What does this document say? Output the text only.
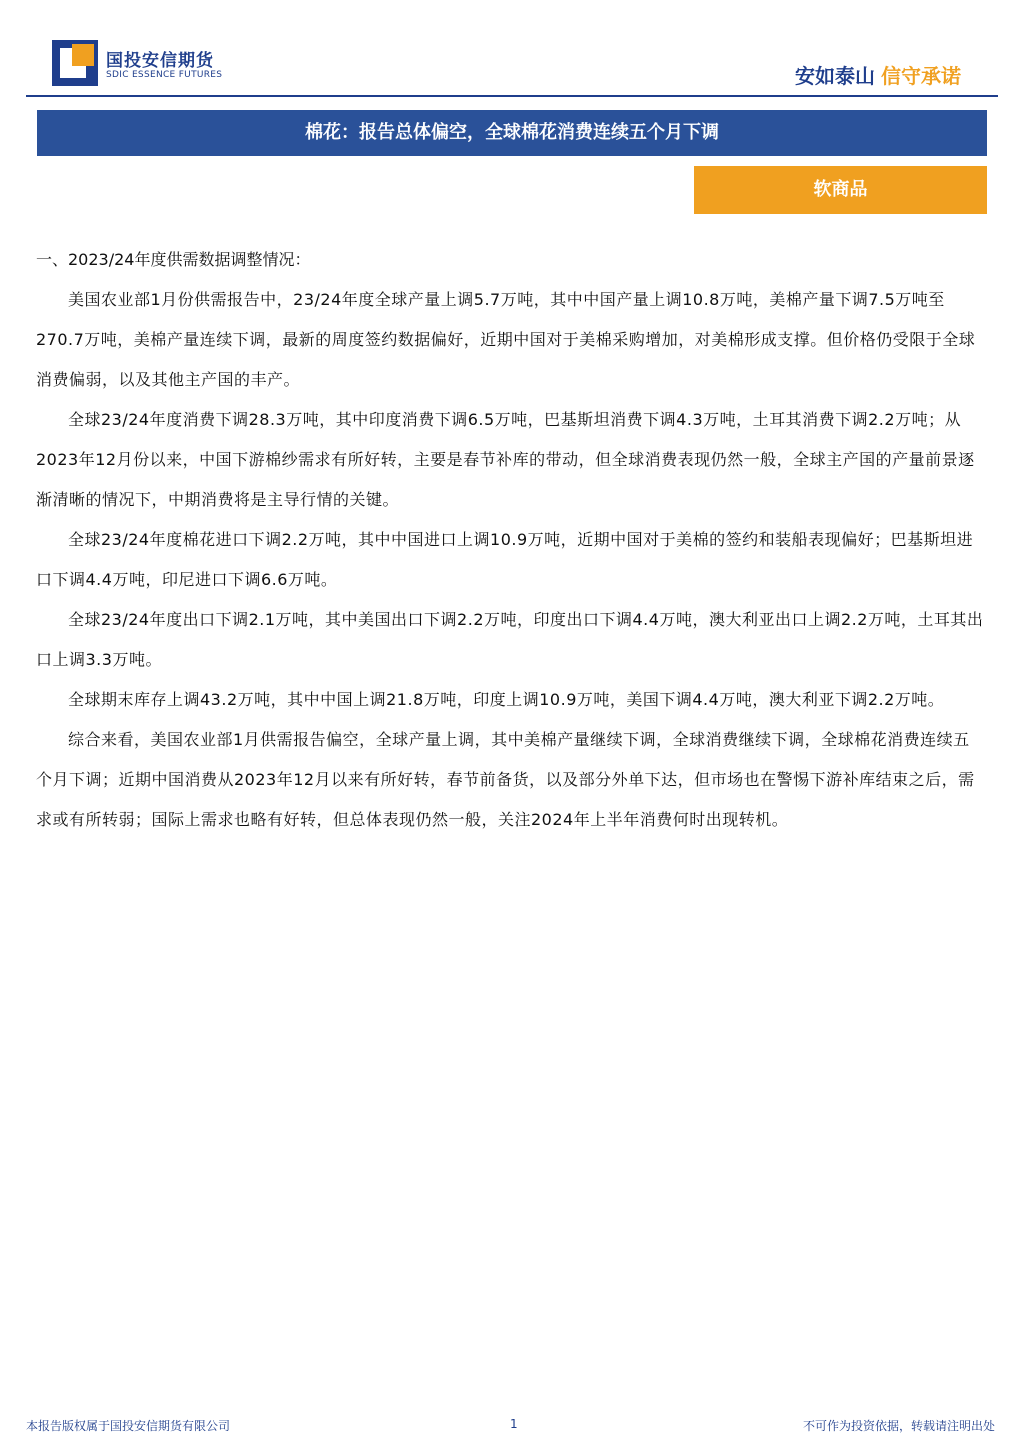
国投安信期货
SDIC ESSENCE FUTURES	安如泰山 信守承诺
棉花：报告总体偏空，全球棉花消费连续五个月下调
软商品

一、2023/24年度供需数据调整情况：

美国农业部1月份供需报告中，23/24年度全球产量上调5.7万吨，其中中国产量上调10.8万吨，美棉产量下调7.5万吨至270.7万吨，美棉产量连续下调，最新的周度签约数据偏好，近期中国对于美棉采购增加，对美棉形成支撑。但价格仍受限于全球消费偏弱，以及其他主产国的丰产。

全球23/24年度消费下调28.3万吨，其中印度消费下调6.5万吨，巴基斯坦消费下调4.3万吨，土耳其消费下调2.2万吨；从2023年12月份以来，中国下游棉纱需求有所好转，主要是春节补库的带动，但全球消费表现仍然一般，全球主产国的产量前景逐渐清晰的情况下，中期消费将是主导行情的关键。

全球23/24年度棉花进口下调2.2万吨，其中中国进口上调10.9万吨，近期中国对于美棉的签约和装船表现偏好；巴基斯坦进口下调4.4万吨，印尼进口下调6.6万吨。

全球23/24年度出口下调2.1万吨，其中美国出口下调2.2万吨，印度出口下调4.4万吨，澳大利亚出口上调2.2万吨，土耳其出口上调3.3万吨。

全球期末库存上调43.2万吨，其中中国上调21.8万吨，印度上调10.9万吨，美国下调4.4万吨，澳大利亚下调2.2万吨。

综合来看，美国农业部1月供需报告偏空，全球产量上调，其中美棉产量继续下调，全球消费继续下调，全球棉花消费连续五个月下调；近期中国消费从2023年12月以来有所好转，春节前备货，以及部分外单下达，但市场也在警惕下游补库结束之后，需求或有所转弱；国际上需求也略有好转，但总体表现仍然一般，关注2024年上半年消费何时出现转机。

本报告版权属于国投安信期货有限公司	1	不可作为投资依据，转载请注明出处
